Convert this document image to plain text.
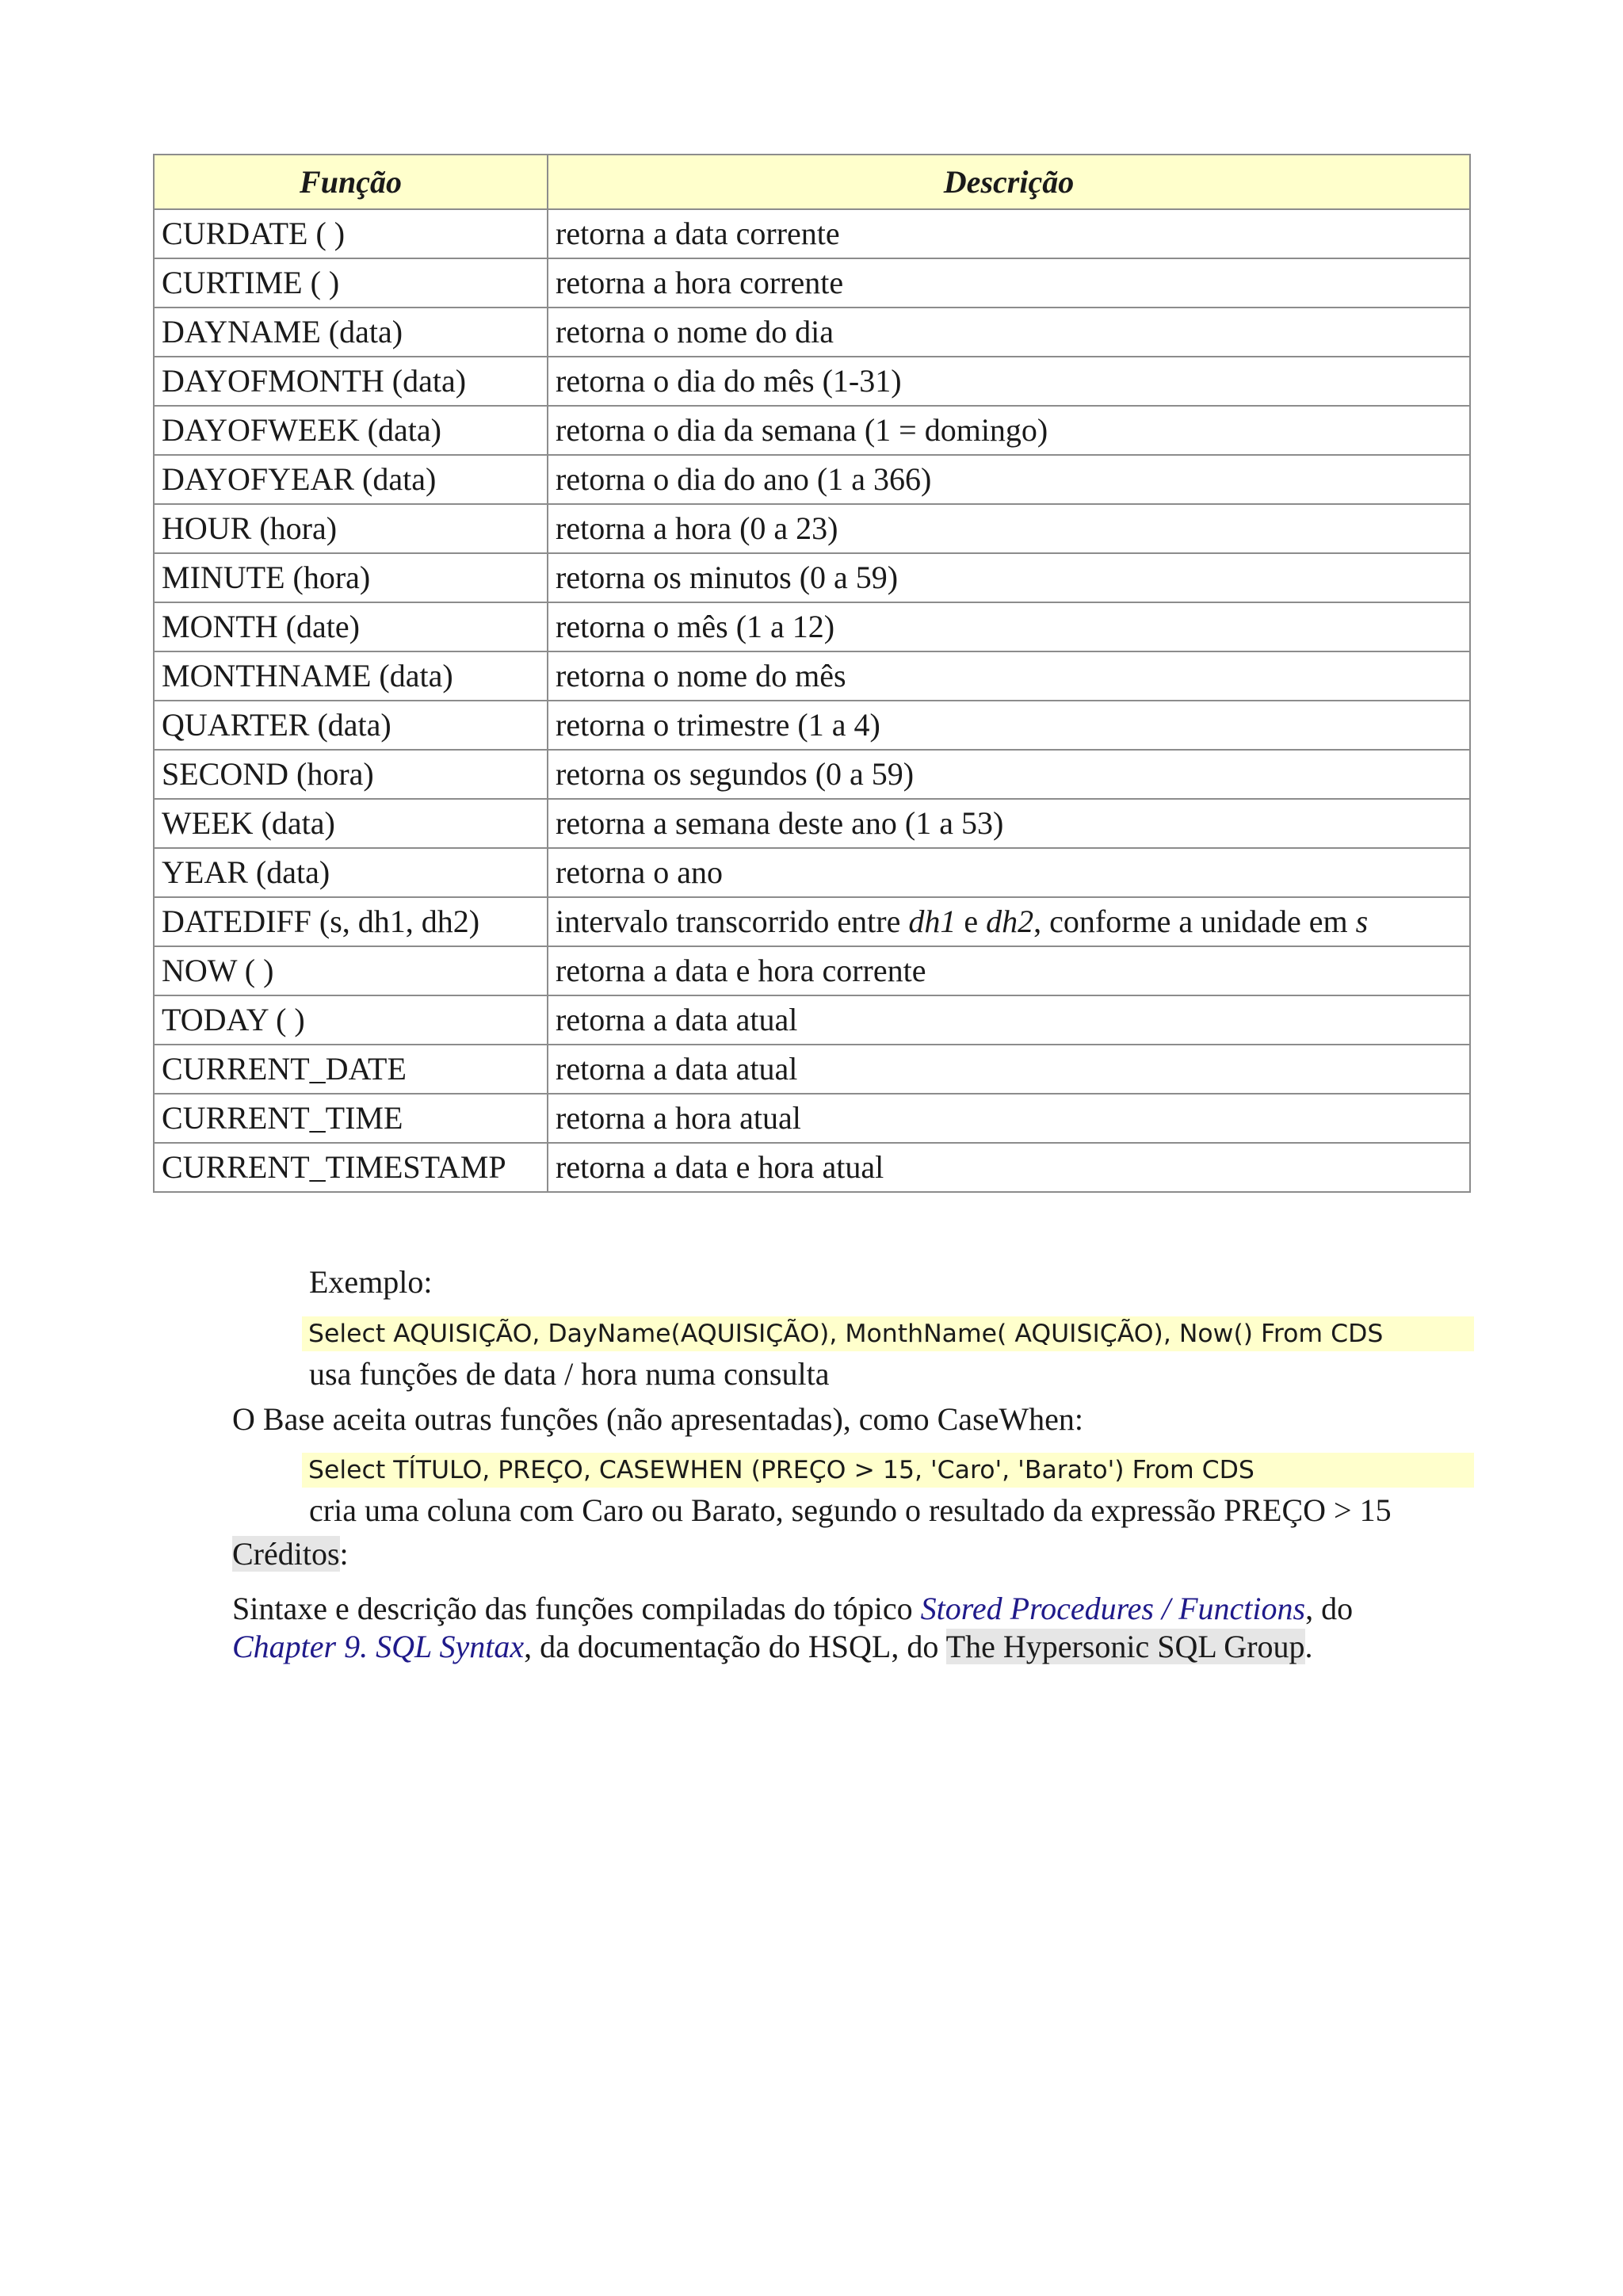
Função	Descrição
CURDATE ( )	retorna a data corrente
CURTIME ( )	retorna a hora corrente
DAYNAME (data)	retorna o nome do dia
DAYOFMONTH (data)	retorna o dia do mês (1-31)
DAYOFWEEK (data)	retorna o dia da semana (1 = domingo)
DAYOFYEAR (data)	retorna o dia do ano (1 a 366)
HOUR (hora)	retorna a hora (0 a 23)
MINUTE (hora)	retorna os minutos (0 a 59)
MONTH (date)	retorna o mês (1 a 12)
MONTHNAME (data)	retorna o nome do mês
QUARTER (data)	retorna o trimestre (1 a 4)
SECOND (hora)	retorna os segundos (0 a 59)
WEEK (data)	retorna a semana deste ano (1 a 53)
YEAR (data)	retorna o ano
DATEDIFF (s, dh1, dh2)	intervalo transcorrido entre dh1 e dh2, conforme a unidade em s
NOW ( )	retorna a data e hora corrente
TODAY ( )	retorna a data atual
CURRENT_DATE	retorna a data atual
CURRENT_TIME	retorna a hora atual
CURRENT_TIMESTAMP	retorna a data e hora atual

Exemplo:

Select AQUISIÇÃO, DayName(AQUISIÇÃO), MonthName( AQUISIÇÃO), Now() From CDS

usa funções de data / hora numa consulta

O Base aceita outras funções (não apresentadas), como CaseWhen:

Select TÍTULO, PREÇO, CASEWHEN (PREÇO > 15, 'Caro', 'Barato') From CDS

cria uma coluna com Caro ou Barato, segundo o resultado da expressão PREÇO > 15

Créditos:

Sintaxe e descrição das funções compiladas do tópico Stored Procedures / Functions, do

Chapter 9. SQL Syntax, da documentação do HSQL, do The Hypersonic SQL Group.
